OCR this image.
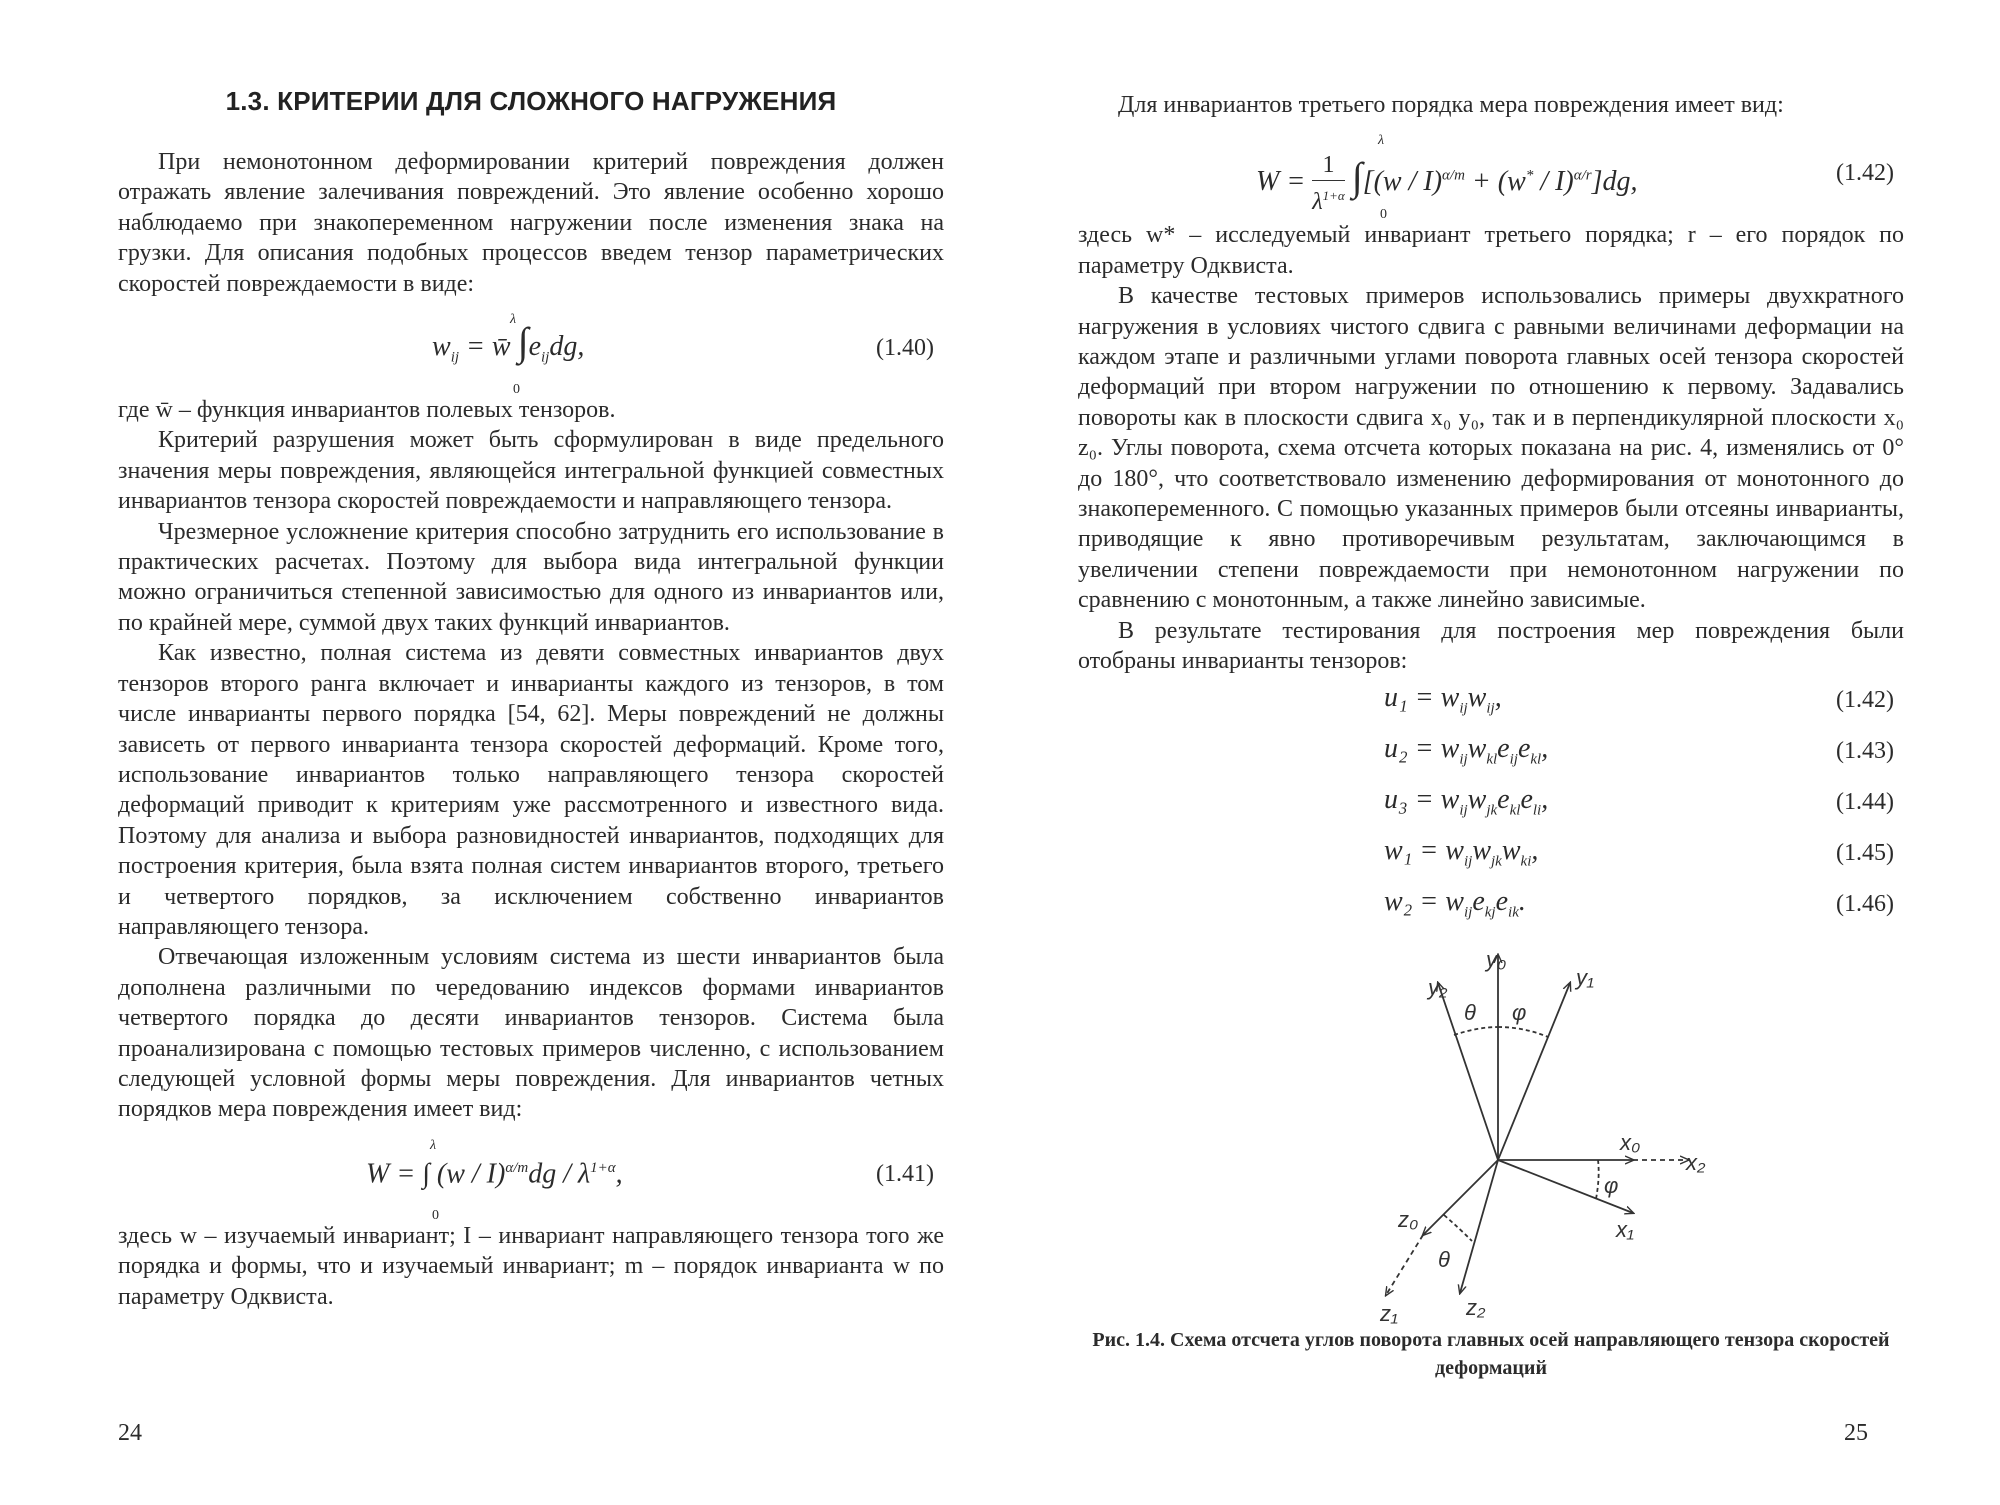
1.3. КРИТЕРИИ ДЛЯ СЛОЖНОГО НАГРУЖЕНИЯ

При немонотонном деформировании критерий повреждения должен отражать явление залечивания повреждений. Это явление особенно хорошо наблюдаемо при знакопеременном нагружении после изменения знака на грузки. Для описания подобных процессов введем тензор параметрических скоростей повреждаемости в виде:

$w_{ij}$ = w̄ $\int e_{ij}dg$,
λ
0
(1.40)

где w̄ – функция инвариантов полевых тензоров.

Критерий разрушения может быть сформулирован в виде предельного значения меры повреждения, являющейся интегральной функцией совместных инвариантов тензора скоростей повреждаемости и направляющего тензора.

Чрезмерное усложнение критерия способно затруднить его использование в практических расчетах. Поэтому для выбора вида интегральной функции можно ограничиться степенной зависимостью для одного из инвариантов или, по крайней мере, суммой двух таких функций инвариантов.

Как известно, полная система из девяти совместных инвариантов двух тензоров второго ранга включает и инварианты каждого из тензоров, в том числе инварианты первого порядка [54, 62]. Меры повреждений не должны зависеть от первого инварианта тензора скоростей деформаций. Кроме того, использование инвариантов только направляющего тензора скоростей деформаций приводит к критериям уже рассмотренного и известного вида. Поэтому для анализа и выбора разновидностей инвариантов, подходящих для построения критерия, была взята полная систем инвариантов второго, третьего и четвертого порядков, за исключением собственно инвариантов направляющего тензора.

Отвечающая изложенным условиям система из шести инвариантов была дополнена различными по чередованию индексов формами инвариантов четвертого порядка до десяти инвариантов тензоров. Система была проанализирована с помощью тестовых примеров численно, с использованием следующей условной формы меры повреждения. Для инвариантов четных порядков мера повреждения имеет вид:

W = ∫ $(w / I)^{\alpha/m}dg / \lambda^{1+\alpha}$,
λ
0
(1.41)

здесь w – изучаемый инвариант; I – инвариант направляющего тензора того же порядка и формы, что и изучаемый инвариант; m – порядок инварианта w по параметру Одквиста.

24

Для инвариантов третьего порядка мера повреждения имеет вид:

$W = \frac{1}{\lambda^{1+\alpha}} \int[(w / I)^{\alpha/m} + (w^* / I)^{\alpha/r}]dg$,
λ
0
(1.42)

здесь w* – исследуемый инвариант третьего порядка; r – его порядок по параметру Одквиста.

В качестве тестовых примеров использовались примеры двухкратного нагружения в условиях чистого сдвига с равными величинами деформации на каждом этапе и различными углами поворота главных осей тензора скоростей деформаций при втором нагружении по отношению к первому. Задавались повороты как в плоскости сдвига x₀ y₀, так и в перпендикулярной плоскости x₀ z₀. Углы поворота, схема отсчета которых показана на рис. 4, изменялись от 0° до 180°, что соответствовало изменению деформирования от монотонного до знакопеременного. С помощью указанных примеров были отсеяны инварианты, приводящие к явно противоречивым результатам, заключающимся в увеличении степени повреждаемости при немонотонном нагружении по сравнению с монотонным, а также линейно зависимые.

В результате тестирования для построения мер повреждения были отобраны инварианты тензоров:

$u_1 = w_{ij}w_{ij}$,	(1.42)
$u_2 = w_{ij}w_{kl}e_{ij}e_{kl}$,	(1.43)
$u_3 = w_{ij}w_{jk}e_{kl}e_{li}$,	(1.44)
$w_1 = w_{ij}w_{jk}w_{ki}$,	(1.45)
$w_2 = w_{ij}e_{kj}e_{ik}$.	(1.46)
y₀
y₂	y₁
θ φ
x₀
x₂
φ
x₁
z₀
θ
z₁	z₂
Рис. 1.4. Схема отсчета углов поворота главных осей направляющего тензора скоростей деформаций
25
